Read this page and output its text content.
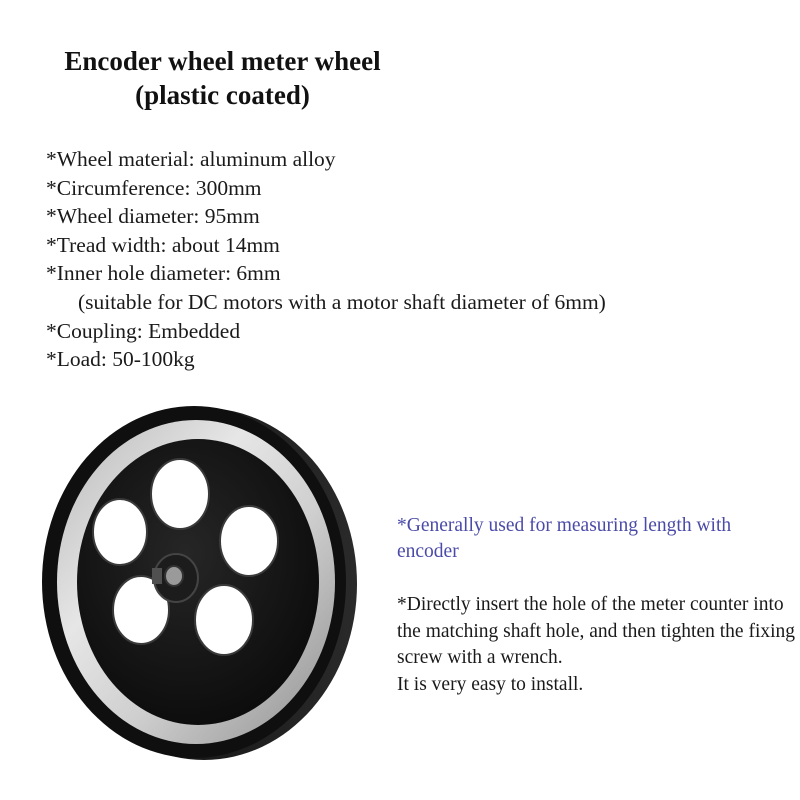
Encoder wheel meter wheel
(plastic coated)
*Wheel material: aluminum alloy
*Circumference: 300mm
*Wheel diameter: 95mm
*Tread width: about 14mm
*Inner hole diameter: 6mm
(suitable for DC motors with a motor shaft diameter of 6mm)
*Coupling: Embedded
*Load: 50-100kg
*Generally used for measuring length with encoder
*Directly insert the hole of the meter counter into the matching shaft hole, and then tighten the fixing screw with a wrench.
It is very easy to install.
